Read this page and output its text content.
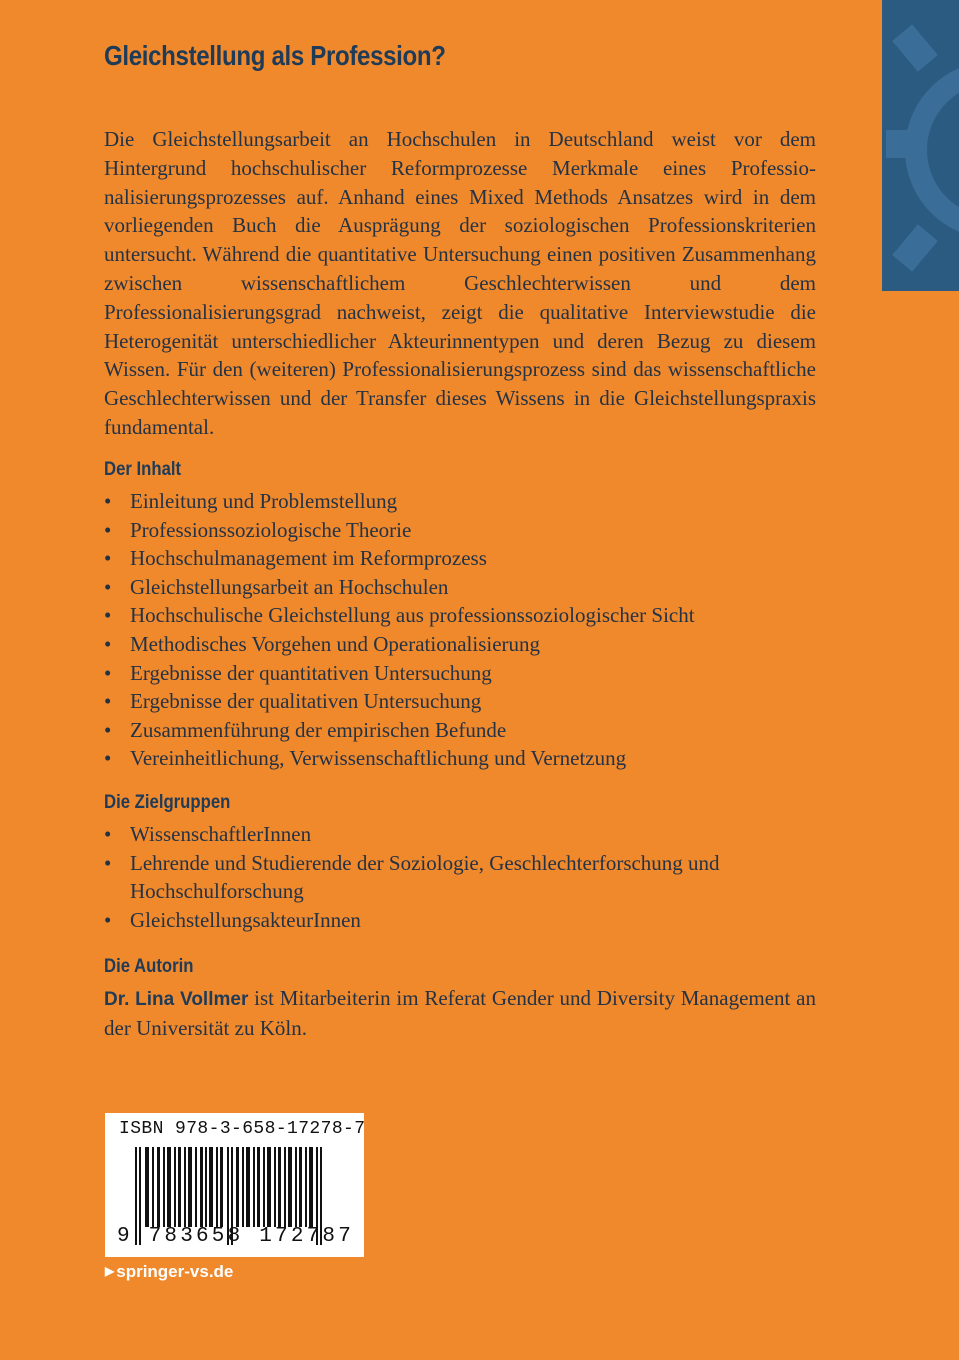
Gleichstellung als Profession?

Die Gleichstellungsarbeit an Hochschulen in Deutschland weist vor dem Hintergrund hochschulischer Reformprozesse Merkmale eines Professionalisierungsprozesses auf. Anhand eines Mixed Methods Ansatzes wird in dem vorliegenden Buch die Ausprägung der soziologischen Professionskriterien untersucht. Während die quantitative Untersuchung einen positiven Zusammenhang zwischen wissenschaftlichem Geschlechterwissen und dem Professionalisierungsgrad nachweist, zeigt die qualitative Interviewstudie die Heterogenität unterschiedlicher Akteurinnentypen und deren Bezug zu diesem Wissen. Für den (weiteren) Professionalisierungsprozess sind das wissenschaftliche Geschlechterwissen und der Transfer dieses Wissens in die Gleichstellungspraxis fundamental.

Der Inhalt
• Einleitung und Problemstellung
• Professionssoziologische Theorie
• Hochschulmanagement im Reformprozess
• Gleichstellungsarbeit an Hochschulen
• Hochschulische Gleichstellung aus professionssoziologischer Sicht
• Methodisches Vorgehen und Operationalisierung
• Ergebnisse der quantitativen Untersuchung
• Ergebnisse der qualitativen Untersuchung
• Zusammenführung der empirischen Befunde
• Vereinheitlichung, Verwissenschaftlichung und Vernetzung
Die Zielgruppen
• WissenschaftlerInnen
• Lehrende und Studierende der Soziologie, Geschlechterforschung und Hochschulforschung
• GleichstellungsakteurInnen
Die Autorin

Dr. Lina Vollmer ist Mitarbeiterin im Referat Gender und Diversity Management an der Universität zu Köln.

ISBN 978-3-658-17278-7
9 783658 172787
▶ springer-vs.de
